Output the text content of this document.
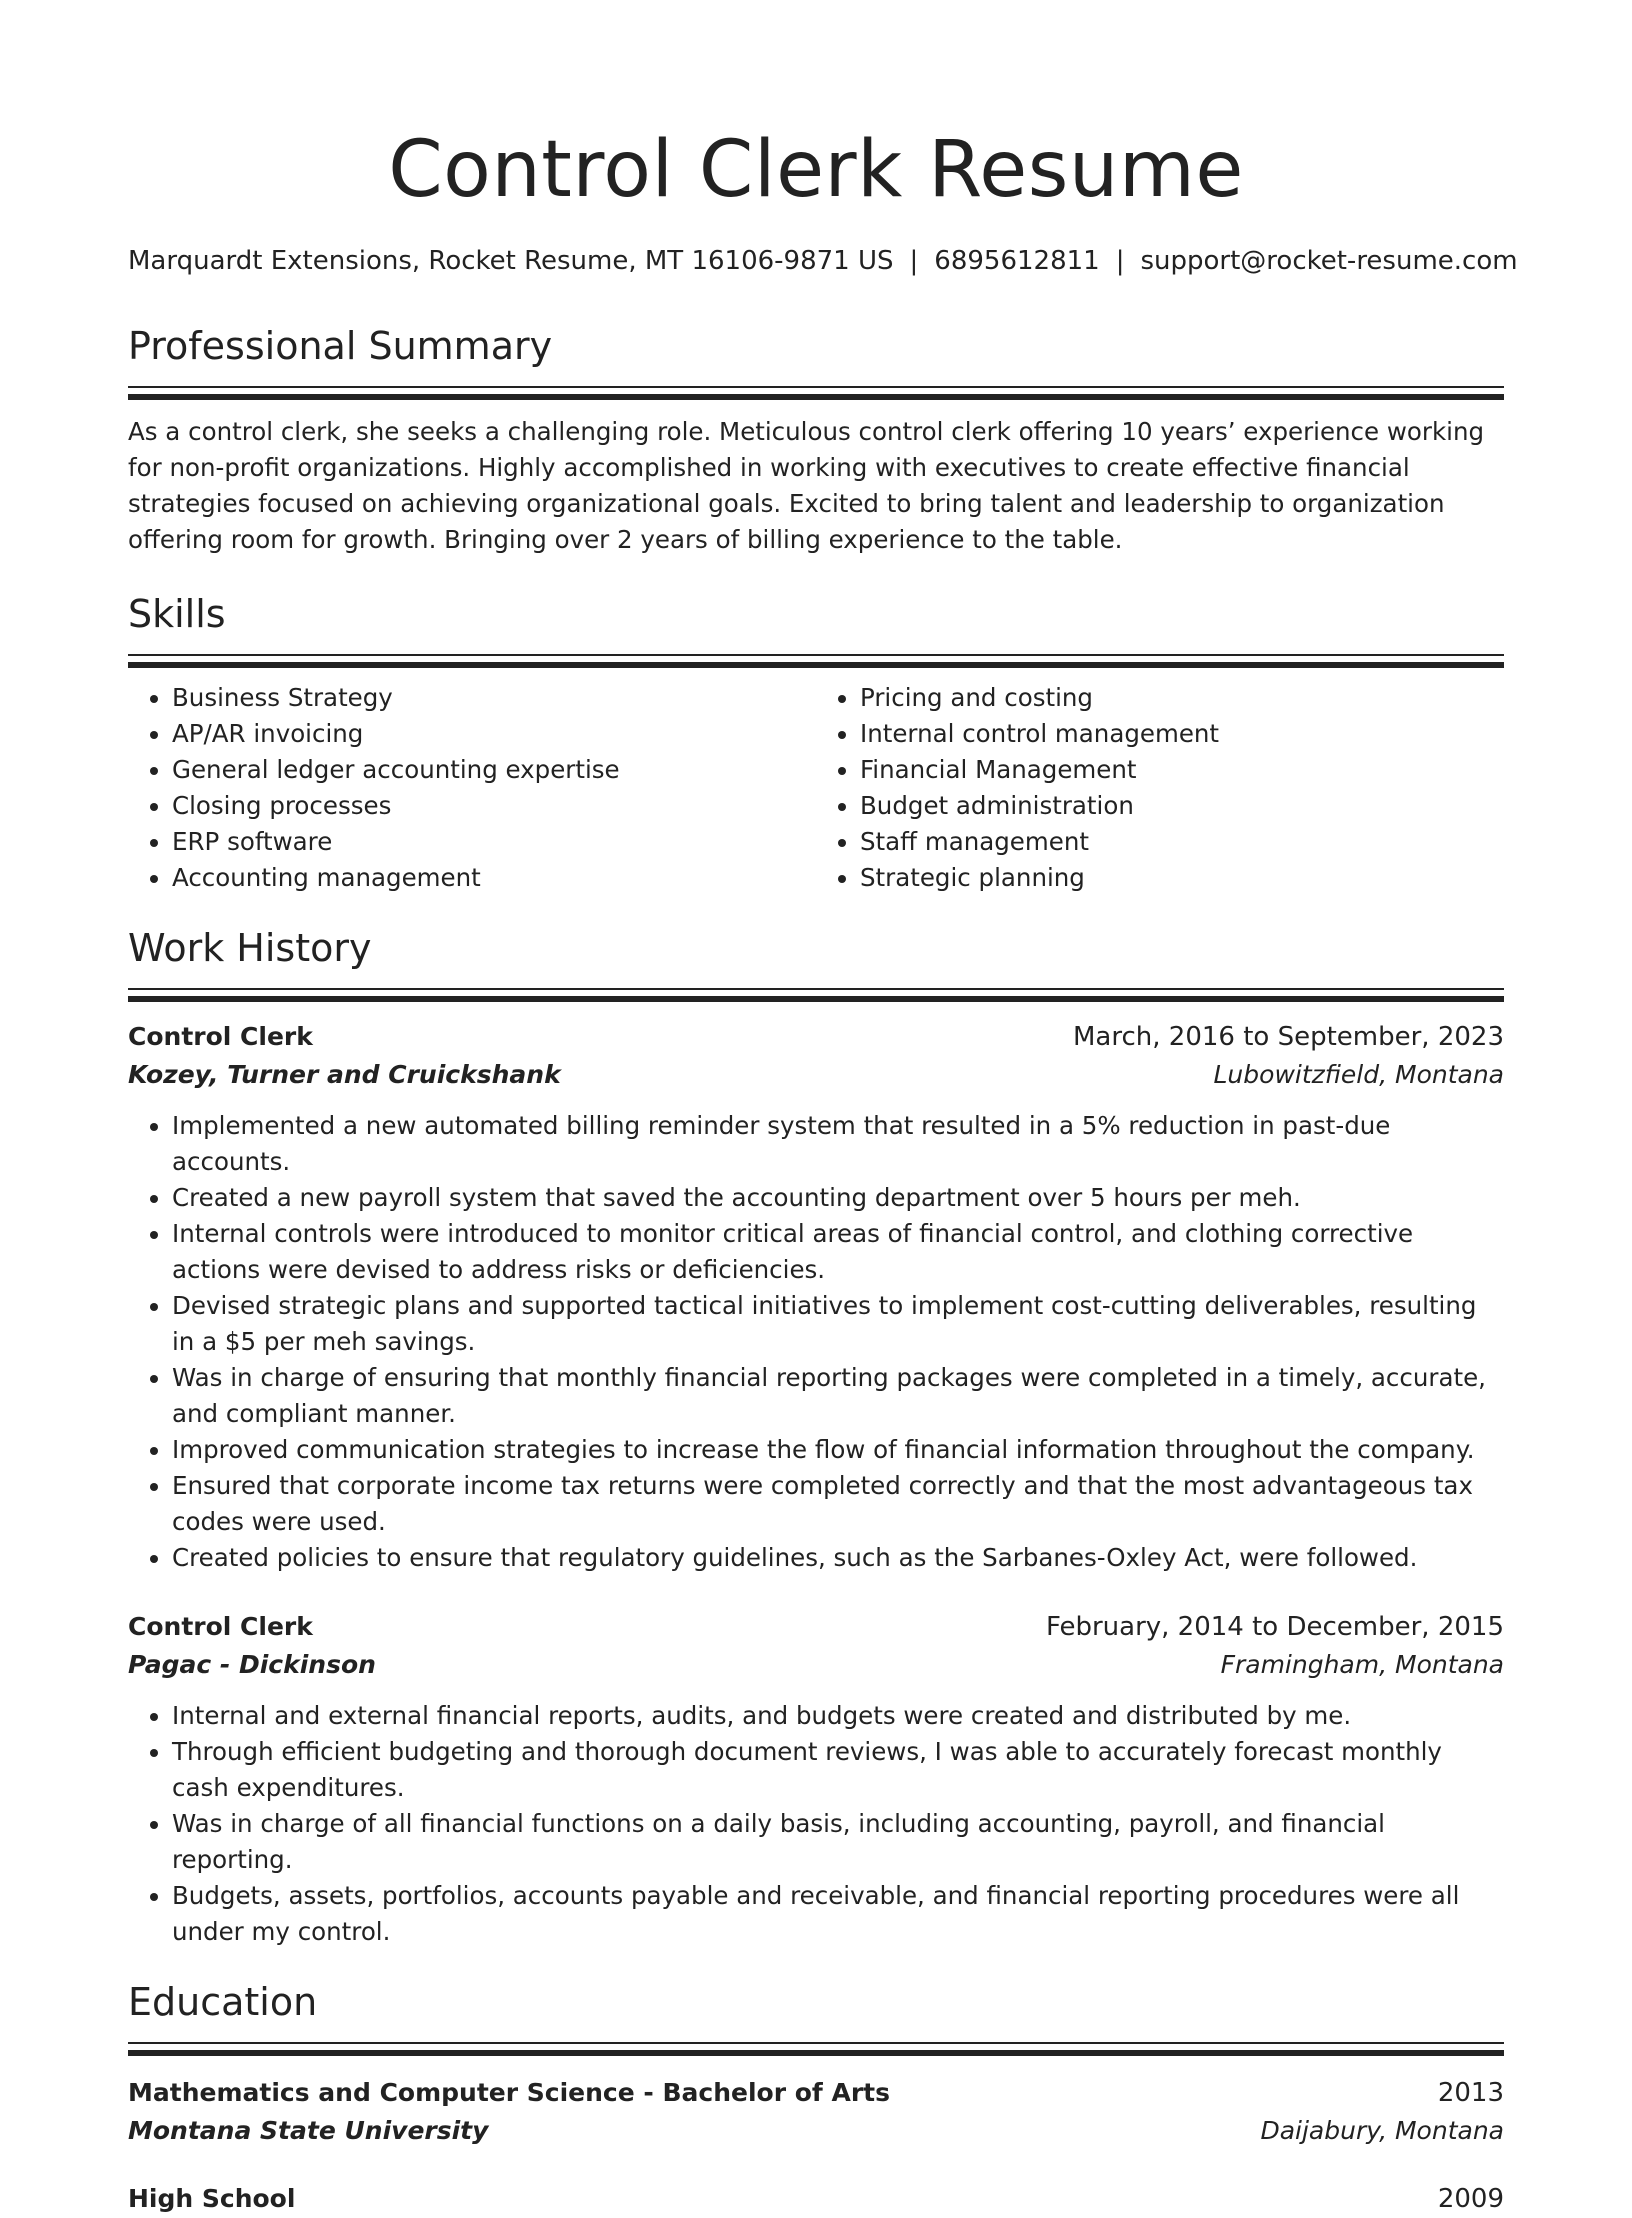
Control Clerk Resume
Marquardt Extensions, Rocket Resume, MT 16106-9871 US | 6895612811 | support@rocket-resume.com
Professional Summary

As a control clerk, she seeks a challenging role. Meticulous control clerk offering 10 years’ experience working for non-profit organizations. Highly accomplished in working with executives to create effective financial strategies focused on achieving organizational goals. Excited to bring talent and leadership to organization offering room for growth. Bringing over 2 years of billing experience to the table.

Skills
• Business Strategy
• AP/AR invoicing
• General ledger accounting expertise
• Closing processes
• ERP software
• Accounting management
• Pricing and costing
• Internal control management
• Financial Management
• Budget administration
• Staff management
• Strategic planning
Work History
Control Clerk	March, 2016 to September, 2023
Kozey, Turner and Cruickshank	Lubowitzfield, Montana
• Implemented a new automated billing reminder system that resulted in a 5% reduction in past-due accounts.
• Created a new payroll system that saved the accounting department over 5 hours per meh.
• Internal controls were introduced to monitor critical areas of financial control, and clothing corrective actions were devised to address risks or deficiencies.
• Devised strategic plans and supported tactical initiatives to implement cost-cutting deliverables, resulting in a $5 per meh savings.
• Was in charge of ensuring that monthly financial reporting packages were completed in a timely, accurate, and compliant manner.
• Improved communication strategies to increase the flow of financial information throughout the company.
• Ensured that corporate income tax returns were completed correctly and that the most advantageous tax codes were used.
• Created policies to ensure that regulatory guidelines, such as the Sarbanes-Oxley Act, were followed.
Control Clerk	February, 2014 to December, 2015
Pagac - Dickinson	Framingham, Montana
• Internal and external financial reports, audits, and budgets were created and distributed by me.
• Through efficient budgeting and thorough document reviews, I was able to accurately forecast monthly cash expenditures.
• Was in charge of all financial functions on a daily basis, including accounting, payroll, and financial reporting.
• Budgets, assets, portfolios, accounts payable and receivable, and financial reporting procedures were all under my control.
Education
Mathematics and Computer Science - Bachelor of Arts	2013
Montana State University	Daijabury, Montana
High School	2009
